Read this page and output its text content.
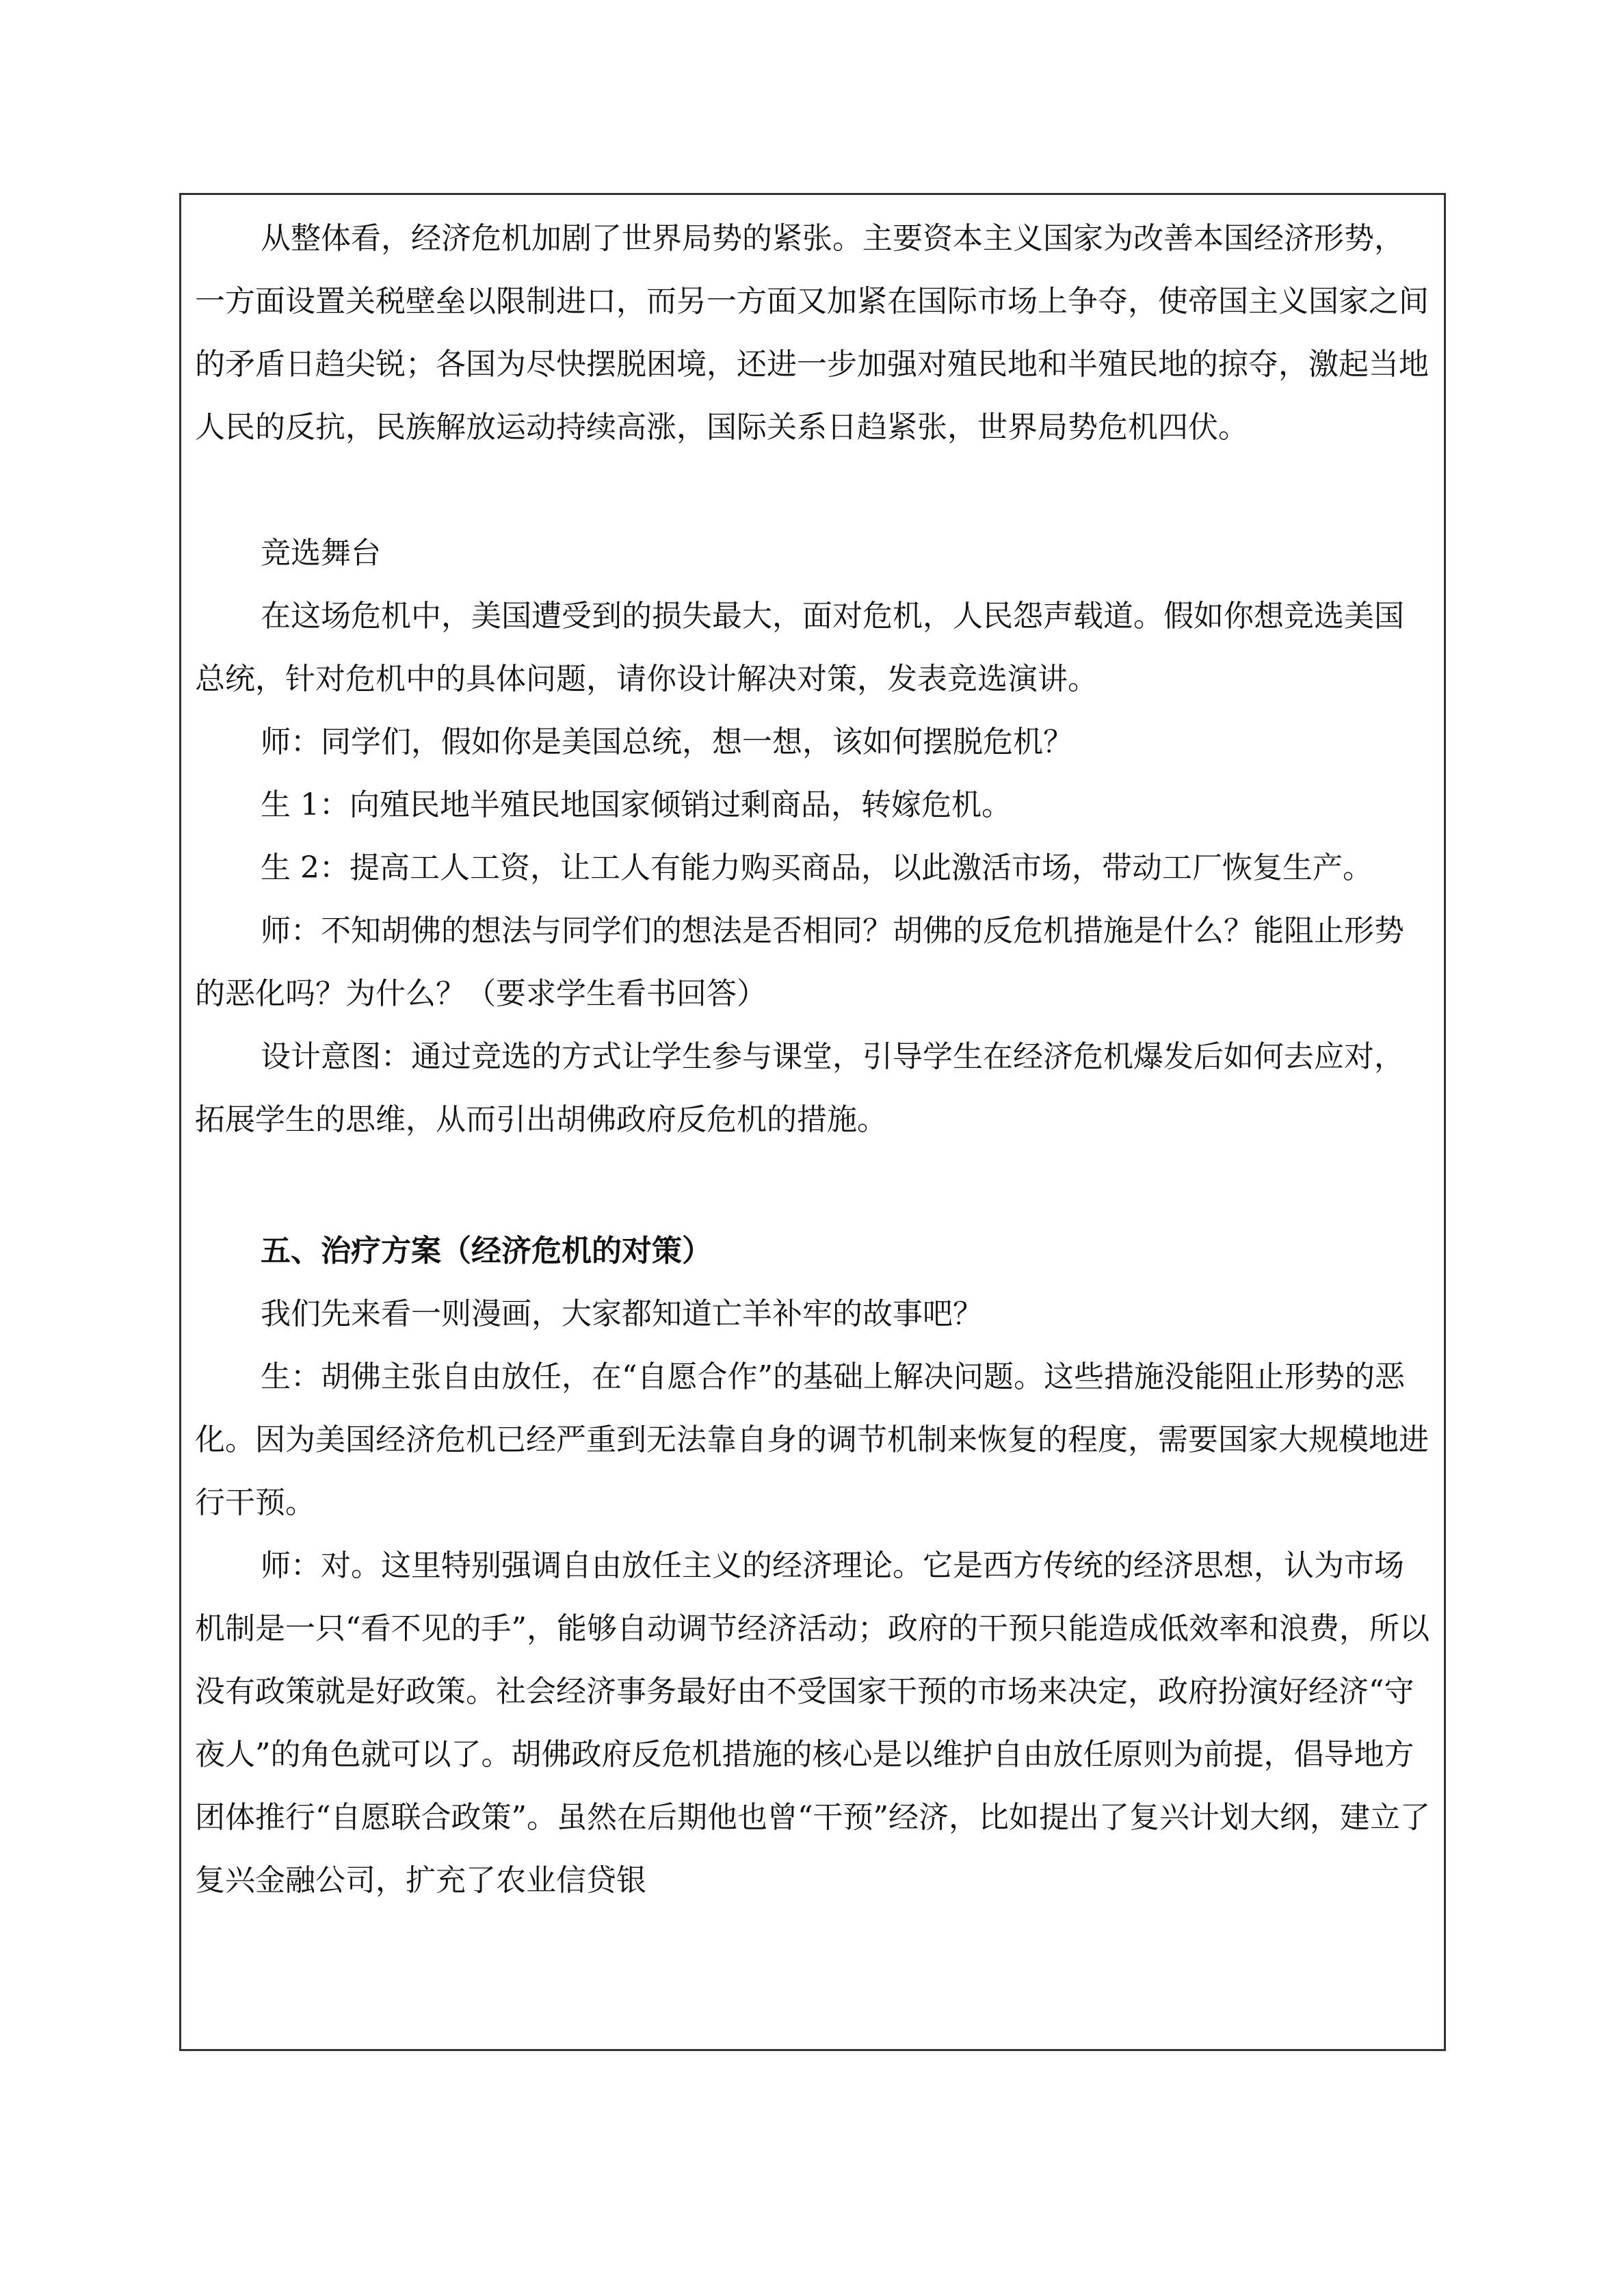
从整体看，经济危机加剧了世界局势的紧张。主要资本主义国家为改善本国经济形势，一方面设置关税壁垒以限制进口，而另一方面又加紧在国际市场上争夺，使帝国主义国家之间的矛盾日趋尖锐；各国为尽快摆脱困境，还进一步加强对殖民地和半殖民地的掠夺，激起当地人民的反抗，民族解放运动持续高涨，国际关系日趋紧张，世界局势危机四伏。

竞选舞台

在这场危机中，美国遭受到的损失最大，面对危机，人民怨声载道。假如你想竞选美国总统，针对危机中的具体问题，请你设计解决对策，发表竞选演讲。

师：同学们，假如你是美国总统，想一想，该如何摆脱危机？

生 1：向殖民地半殖民地国家倾销过剩商品，转嫁危机。

生 2：提高工人工资，让工人有能力购买商品，以此激活市场，带动工厂恢复生产。

师：不知胡佛的想法与同学们的想法是否相同？胡佛的反危机措施是什么？能阻止形势的恶化吗？为什么？（要求学生看书回答）

设计意图：通过竞选的方式让学生参与课堂，引导学生在经济危机爆发后如何去应对，拓展学生的思维，从而引出胡佛政府反危机的措施。

五、治疗方案（经济危机的对策）

我们先来看一则漫画，大家都知道亡羊补牢的故事吧？

生：胡佛主张自由放任，在“自愿合作”的基础上解决问题。这些措施没能阻止形势的恶化。因为美国经济危机已经严重到无法靠自身的调节机制来恢复的程度，需要国家大规模地进行干预。

师：对。这里特别强调自由放任主义的经济理论。它是西方传统的经济思想，认为市场机制是一只“看不见的手”，能够自动调节经济活动；政府的干预只能造成低效率和浪费，所以没有政策就是好政策。社会经济事务最好由不受国家干预的市场来决定，政府扮演好经济“守夜人”的角色就可以了。胡佛政府反危机措施的核心是以维护自由放任原则为前提，倡导地方团体推行“自愿联合政策”。虽然在后期他也曾“干预”经济，比如提出了复兴计划大纲，建立了复兴金融公司，扩充了农业信贷银
